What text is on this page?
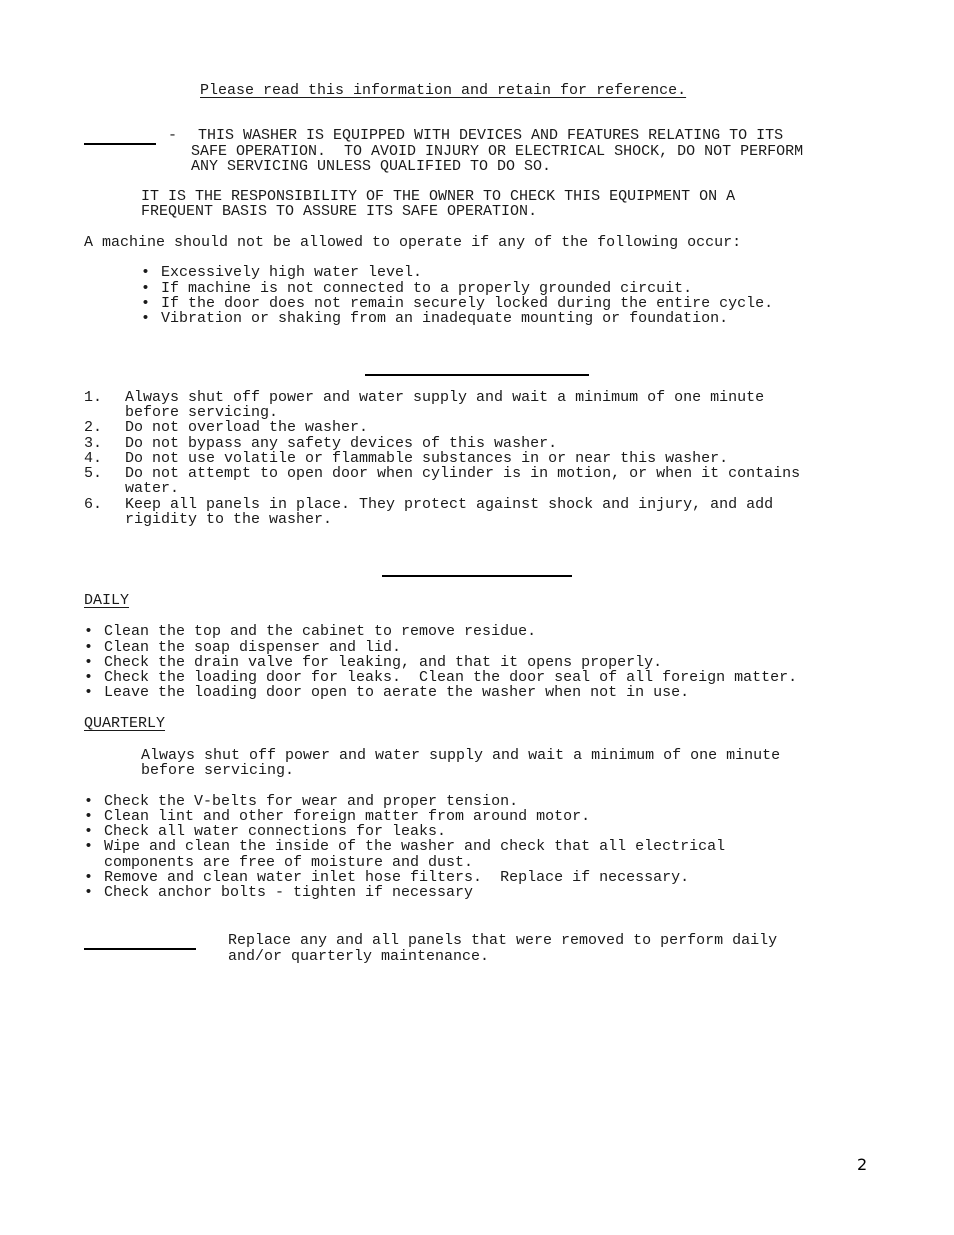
Please read this information and retain for reference.
- THIS WASHER IS EQUIPPED WITH DEVICES AND FEATURES RELATING TO ITS
SAFE OPERATION.  TO AVOID INJURY OR ELECTRICAL SHOCK, DO NOT PERFORM
ANY SERVICING UNLESS QUALIFIED TO DO SO.
IT IS THE RESPONSIBILITY OF THE OWNER TO CHECK THIS EQUIPMENT ON A
FREQUENT BASIS TO ASSURE ITS SAFE OPERATION.
A machine should not be allowed to operate if any of the following occur:
• Excessively high water level.
• If machine is not connected to a properly grounded circuit.
• If the door does not remain securely locked during the entire cycle.
• Vibration or shaking from an inadequate mounting or foundation.
1. Always shut off power and water supply and wait a minimum of one minute
before servicing.
2. Do not overload the washer.
3. Do not bypass any safety devices of this washer.
4. Do not use volatile or flammable substances in or near this washer.
5. Do not attempt to open door when cylinder is in motion, or when it contains
water.
6. Keep all panels in place. They protect against shock and injury, and add
rigidity to the washer.
DAILY
• Clean the top and the cabinet to remove residue.
• Clean the soap dispenser and lid.
• Check the drain valve for leaking, and that it opens properly.
• Check the loading door for leaks.  Clean the door seal of all foreign matter.
• Leave the loading door open to aerate the washer when not in use.
QUARTERLY
Always shut off power and water supply and wait a minimum of one minute
before servicing.
• Check the V-belts for wear and proper tension.
• Clean lint and other foreign matter from around motor.
• Check all water connections for leaks.
• Wipe and clean the inside of the washer and check that all electrical
components are free of moisture and dust.
• Remove and clean water inlet hose filters.  Replace if necessary.
• Check anchor bolts - tighten if necessary
Replace any and all panels that were removed to perform daily
and/or quarterly maintenance.
2
